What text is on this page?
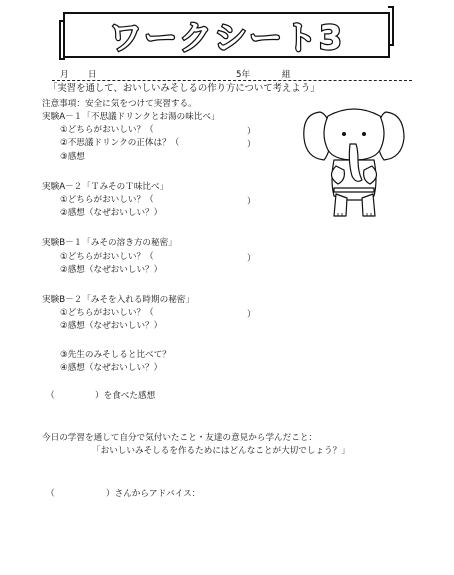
ワークシート3
月 日	5年	組
「実習を通して、おいしいみそしるの作り方について考えよう」
注意事項：安全に気をつけて実習する。
実験A－１「不思議ドリンクとお湯の味比べ」
①どちらがおいしい？（	）
②不思議ドリンクの正体は？（	）
③感想
実験A－２「ＴみそのＴ味比べ」
①どちらがおいしい？（	）
②感想（なぜおいしい？）
実験B－１「みその溶き方の秘密」
①どちらがおいしい？（	）
②感想（なぜおいしい？）
実験B－２「みそを入れる時期の秘密」
①どちらがおいしい？（	）
②感想（なぜおいしい？）
③先生のみそしると比べて？
④感想（なぜおいしい？）
（	）を食べた感想
今日の学習を通して自分で気付いたこと・友達の意見から学んだこと：
「おいしいみそしるを作るためにはどんなことが大切でしょう？」
（	）さんからアドバイス：
